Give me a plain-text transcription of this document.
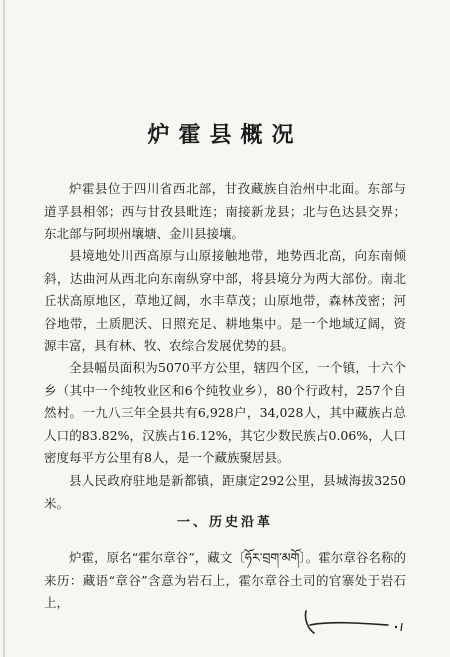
炉霍县概况

炉霍县位于四川省西北部，甘孜藏族自治州中北面。东部与道孚县相邻；西与甘孜县毗连；南接新龙县；北与色达县交界；东北部与阿坝州壤塘、金川县接壤。

县境地处川西高原与山原接触地带，地势西北高，向东南倾斜，达曲河从西北向东南纵穿中部，将县境分为两大部份。南北丘状高原地区，草地辽阔，水丰草茂；山原地带，森林茂密；河谷地带，土质肥沃、日照充足、耕地集中。是一个地域辽阔，资源丰富，具有林、牧、农综合发展优势的县。

全县幅员面积为5070平方公里，辖四个区，一个镇，十六个乡（其中一个纯牧业区和6个纯牧业乡），80个行政村，257个自然村。一九八三年全县共有6,928户，34,028人，其中藏族占总人口的83.82%，汉族占16.12%，其它少数民族占0.06%，人口密度每平方公里有8人，是一个藏族聚居县。

县人民政府驻地是新都镇，距康定292公里，县城海拔3250米。

一、历史沿革

炉霍，原名“霍尔章谷”，藏文〔ཧོར་བྲག་མགོ〕。霍尔章谷名称的来历：藏语“章谷”含意为岩石上，霍尔章谷土司的官寨处于岩石上，
